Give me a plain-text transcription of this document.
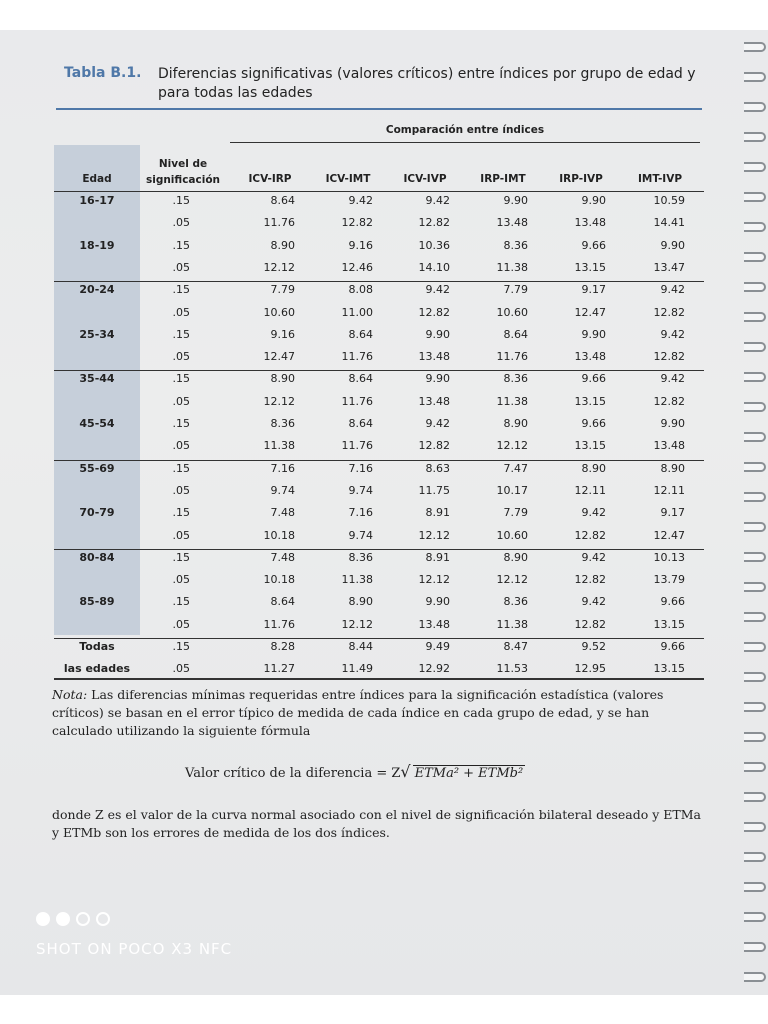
Tabla B.1. Diferencias significativas (valores críticos) entre índices por grupo de edad y para todas las edades
Comparación entre índices
Edad
Nivel de significación	ICV-IRP	ICV-IMT	ICV-IVP	IRP-IMT	IRP-IVP	IMT-IVP
16-17	.15	8.64	9.42	9.42	9.90	9.90	10.59
.05	11.76	12.82	12.82	13.48	13.48	14.41
18-19	.15	8.90	9.16	10.36	8.36	9.66	9.90
.05	12.12	12.46	14.10	11.38	13.15	13.47
20-24	.15	7.79	8.08	9.42	7.79	9.17	9.42
.05	10.60	11.00	12.82	10.60	12.47	12.82
25-34	.15	9.16	8.64	9.90	8.64	9.90	9.42
.05	12.47	11.76	13.48	11.76	13.48	12.82
35-44	.15	8.90	8.64	9.90	8.36	9.66	9.42
.05	12.12	11.76	13.48	11.38	13.15	12.82
45-54	.15	8.36	8.64	9.42	8.90	9.66	9.90
.05	11.38	11.76	12.82	12.12	13.15	13.48
55-69	.15	7.16	7.16	8.63	7.47	8.90	8.90
.05	9.74	9.74	11.75	10.17	12.11	12.11
70-79	.15	7.48	7.16	8.91	7.79	9.42	9.17
.05	10.18	9.74	12.12	10.60	12.82	12.47
80-84	.15	7.48	8.36	8.91	8.90	9.42	10.13
.05	10.18	11.38	12.12	12.12	12.82	13.79
85-89	.15	8.64	8.90	9.90	8.36	9.42	9.66
.05	11.76	12.12	13.48	11.38	12.82	13.15
Todas	.15	8.28	8.44	9.49	8.47	9.52	9.66
las edades	.05	11.27	11.49	12.92	11.53	12.95	13.15
Nota: Las diferencias mínimas requeridas entre índices para la significación estadística (valores críticos) se basan en el error típico de medida de cada índice en cada grupo de edad, y se han calculado utilizando la siguiente fórmula
Valor crítico de la diferencia = Z√ ETMa² + ETMb²
donde Z es el valor de la curva normal asociado con el nivel de significación bilateral deseado y ETMa y ETMb son los errores de medida de los dos índices.
SHOT ON POCO X3 NFC
